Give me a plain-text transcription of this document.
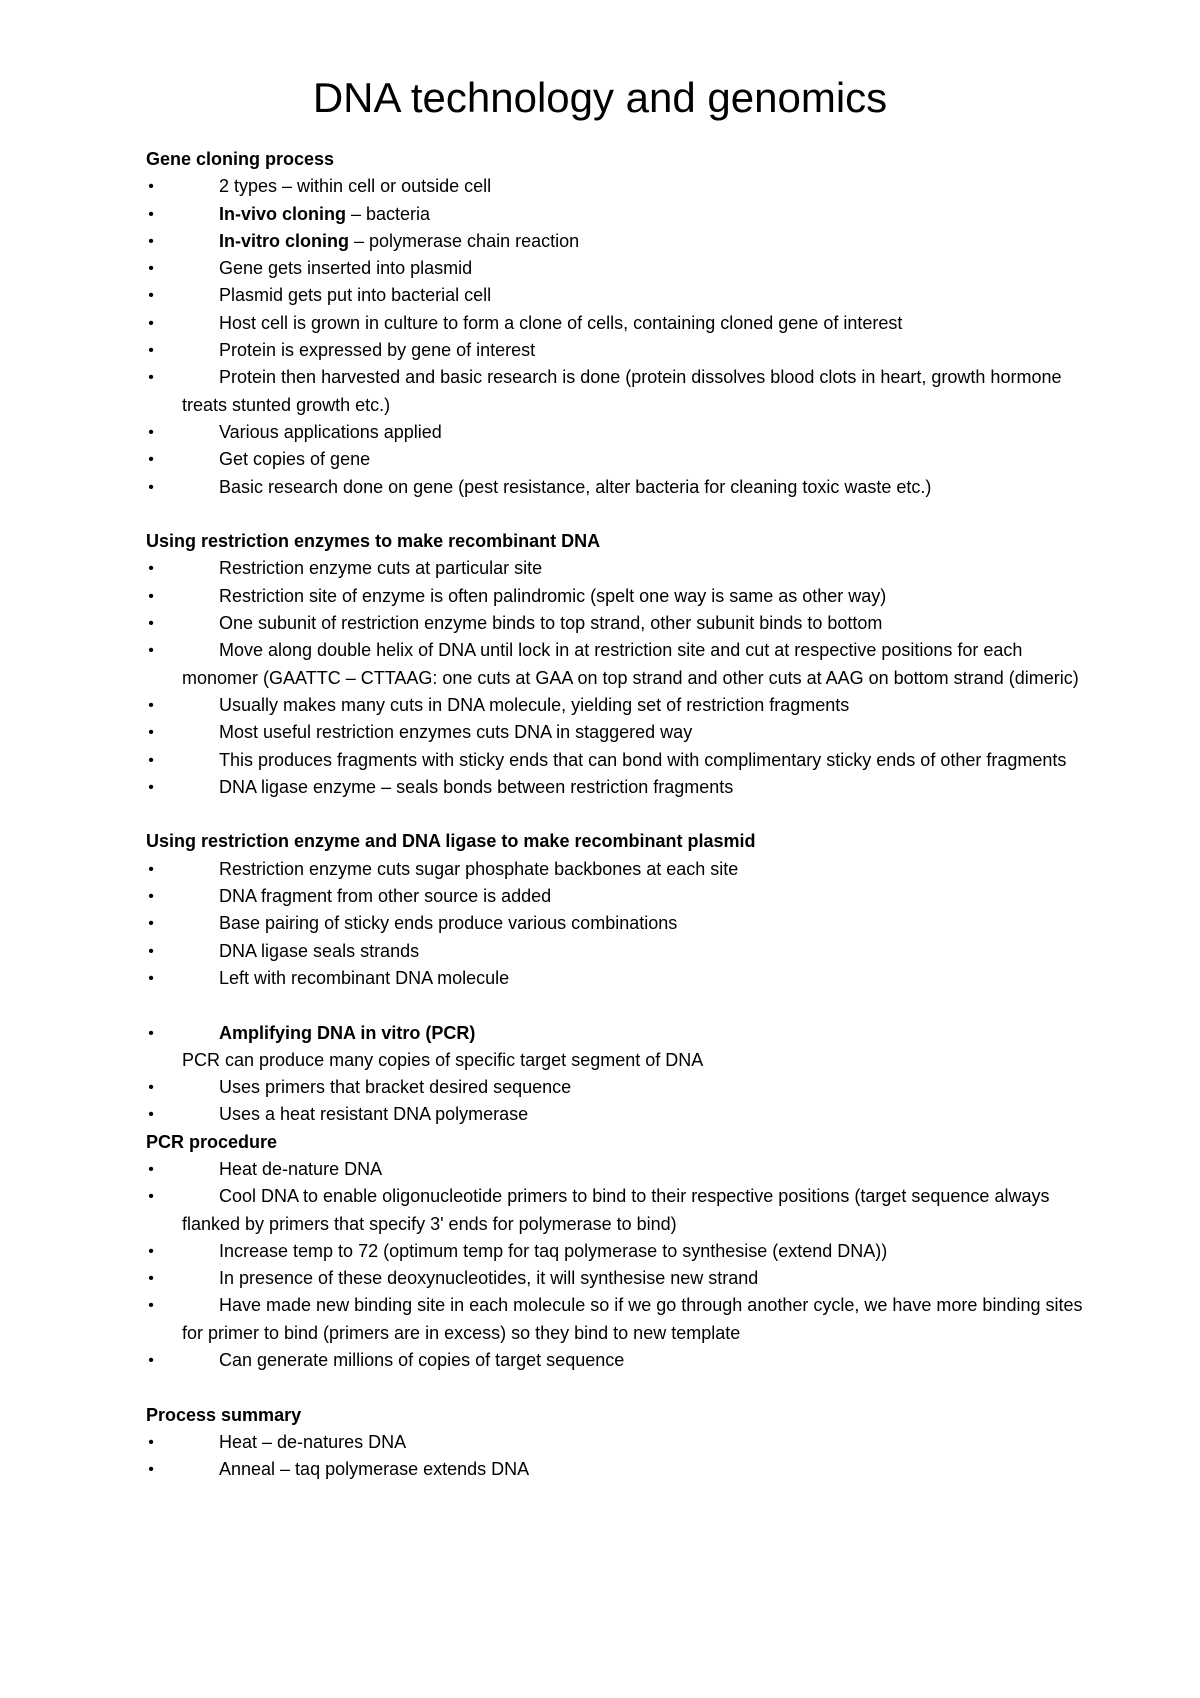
DNA technology and genomics
Gene cloning process
•	2 types – within cell or outside cell
•	In-vivo cloning – bacteria
•	In-vitro cloning – polymerase chain reaction
•	Gene gets inserted into plasmid
•	Plasmid gets put into bacterial cell
•	Host cell is grown in culture to form a clone of cells, containing cloned gene of interest
•	Protein is expressed by gene of interest
•	Protein then harvested and basic research is done (protein dissolves blood clots in heart, growth hormone treats stunted growth etc.)
•	Various applications applied
•	Get copies of gene
•	Basic research done on gene (pest resistance, alter bacteria for cleaning toxic waste etc.)
Using restriction enzymes to make recombinant DNA
•	Restriction enzyme cuts at particular site
•	Restriction site of enzyme is often palindromic (spelt one way is same as other way)
•	One subunit of restriction enzyme binds to top strand, other subunit binds to bottom
•	Move along double helix of DNA until lock in at restriction site and cut at respective positions for each monomer (GAATTC – CTTAAG: one cuts at GAA on top strand and other cuts at AAG on bottom strand (dimeric)
•	Usually makes many cuts in DNA molecule, yielding set of restriction fragments
•	Most useful restriction enzymes cuts DNA in staggered way
•	This produces fragments with sticky ends that can bond with complimentary sticky ends of other fragments
•	DNA ligase enzyme – seals bonds between restriction fragments
Using restriction enzyme and DNA ligase to make recombinant plasmid
•	Restriction enzyme cuts sugar phosphate backbones at each site
•	DNA fragment from other source is added
•	Base pairing of sticky ends produce various combinations
•	DNA ligase seals strands
•	Left with recombinant DNA molecule
•	Amplifying DNA in vitro (PCR)
PCR can produce many copies of specific target segment of DNA
•	Uses primers that bracket desired sequence
•	Uses a heat resistant DNA polymerase
PCR procedure
•	Heat de-nature DNA
•	Cool DNA to enable oligonucleotide primers to bind to their respective positions (target sequence always flanked by primers that specify 3' ends for polymerase to bind)
•	Increase temp to 72 (optimum temp for taq polymerase to synthesise (extend DNA))
•	In presence of these deoxynucleotides, it will synthesise new strand
•	Have made new binding site in each molecule so if we go through another cycle, we have more binding sites for primer to bind (primers are in excess) so they bind to new template
•	Can generate millions of copies of target sequence
Process summary
•	Heat – de-natures DNA
•	Anneal – taq polymerase extends DNA
